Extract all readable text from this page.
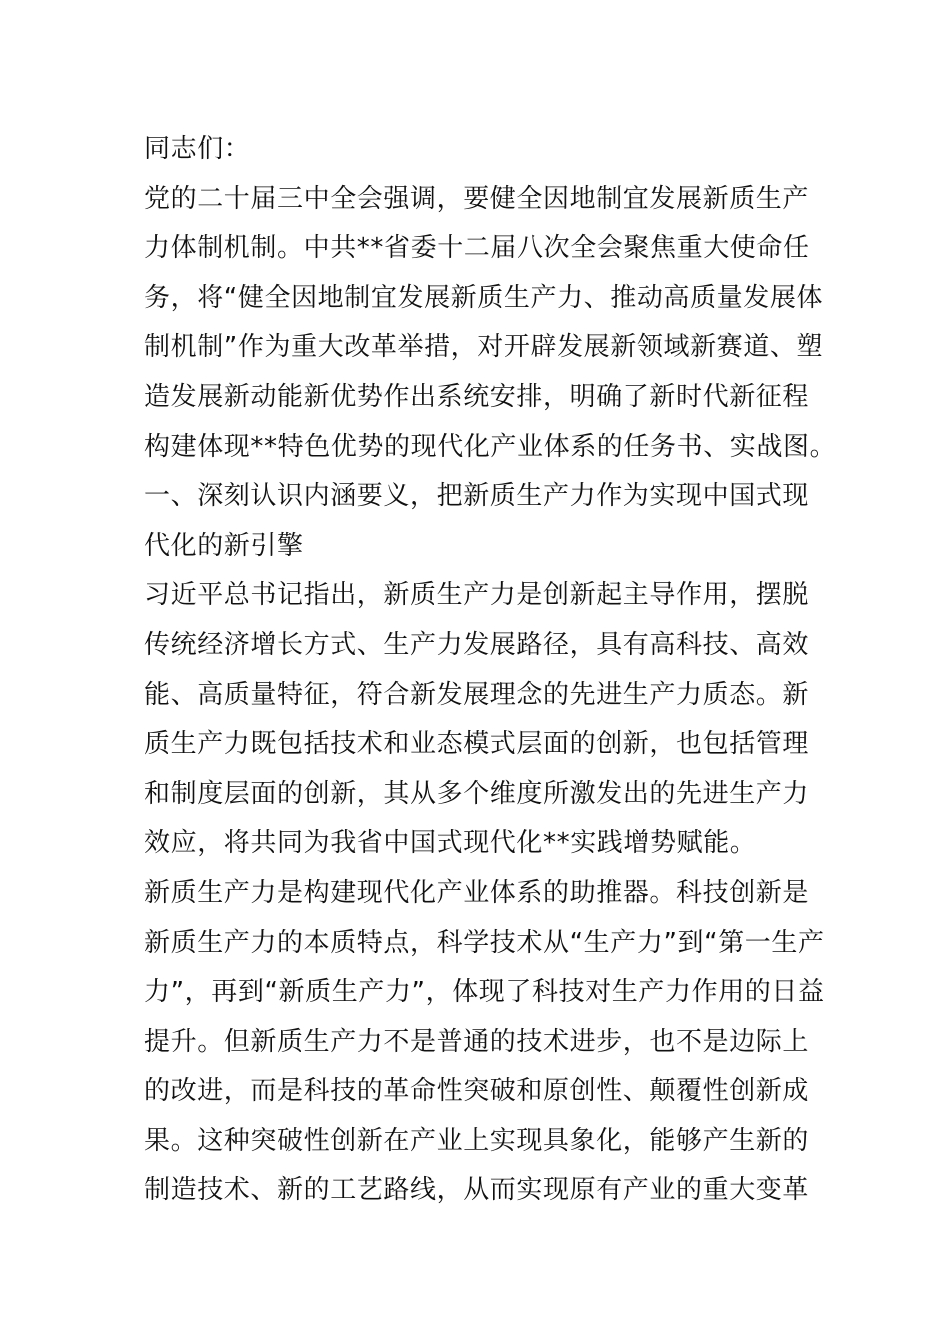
同志们：
党的二十届三中全会强调，要健全因地制宜发展新质生产
力体制机制。中共**省委十二届八次全会聚焦重大使命任
务，将“健全因地制宜发展新质生产力、推动高质量发展体
制机制”作为重大改革举措，对开辟发展新领域新赛道、塑
造发展新动能新优势作出系统安排，明确了新时代新征程
构建体现**特色优势的现代化产业体系的任务书、实战图。
一、深刻认识内涵要义，把新质生产力作为实现中国式现
代化的新引擎
习近平总书记指出，新质生产力是创新起主导作用，摆脱
传统经济增长方式、生产力发展路径，具有高科技、高效
能、高质量特征，符合新发展理念的先进生产力质态。新
质生产力既包括技术和业态模式层面的创新，也包括管理
和制度层面的创新，其从多个维度所激发出的先进生产力
效应，将共同为我省中国式现代化**实践增势赋能。
新质生产力是构建现代化产业体系的助推器。科技创新是
新质生产力的本质特点，科学技术从“生产力”到“第一生产
力”，再到“新质生产力”，体现了科技对生产力作用的日益
提升。但新质生产力不是普通的技术进步，也不是边际上
的改进，而是科技的革命性突破和原创性、颠覆性创新成
果。这种突破性创新在产业上实现具象化，能够产生新的
制造技术、新的工艺路线，从而实现原有产业的重大变革
